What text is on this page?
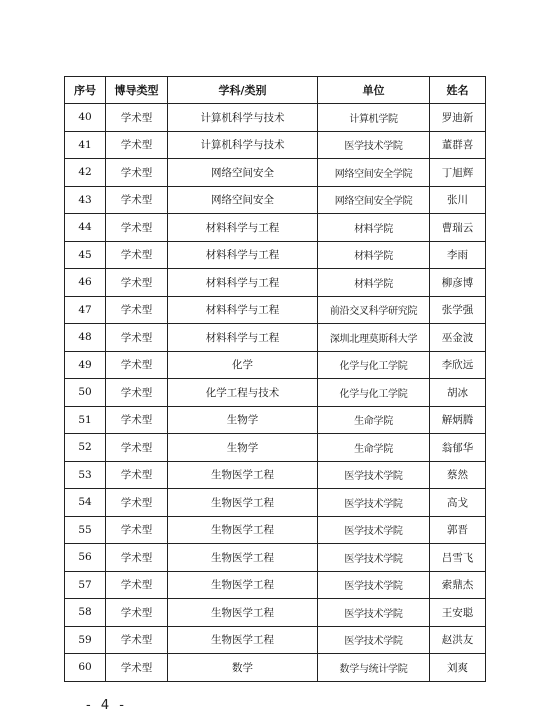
序号	博导类型	学科/类别	单位	姓名
40	学术型	计算机科学与技术	计算机学院	罗迪新
41	学术型	计算机科学与技术	医学技术学院	董群喜
42	学术型	网络空间安全	网络空间安全学院	丁旭辉
43	学术型	网络空间安全	网络空间安全学院	张川
44	学术型	材料科学与工程	材料学院	曹瑞云
45	学术型	材料科学与工程	材料学院	李雨
46	学术型	材料科学与工程	材料学院	柳彦博
47	学术型	材料科学与工程	前沿交叉科学研究院	张学强
48	学术型	材料科学与工程	深圳北理莫斯科大学	巫金波
49	学术型	化学	化学与化工学院	李欣远
50	学术型	化学工程与技术	化学与化工学院	胡冰
51	学术型	生物学	生命学院	解炳腾
52	学术型	生物学	生命学院	翁郁华
53	学术型	生物医学工程	医学技术学院	蔡然
54	学术型	生物医学工程	医学技术学院	高戈
55	学术型	生物医学工程	医学技术学院	郭晋
56	学术型	生物医学工程	医学技术学院	吕雪飞
57	学术型	生物医学工程	医学技术学院	索鼎杰
58	学术型	生物医学工程	医学技术学院	王安聪
59	学术型	生物医学工程	医学技术学院	赵洪友
60	学术型	数学	数学与统计学院	刘爽
- 4 -
